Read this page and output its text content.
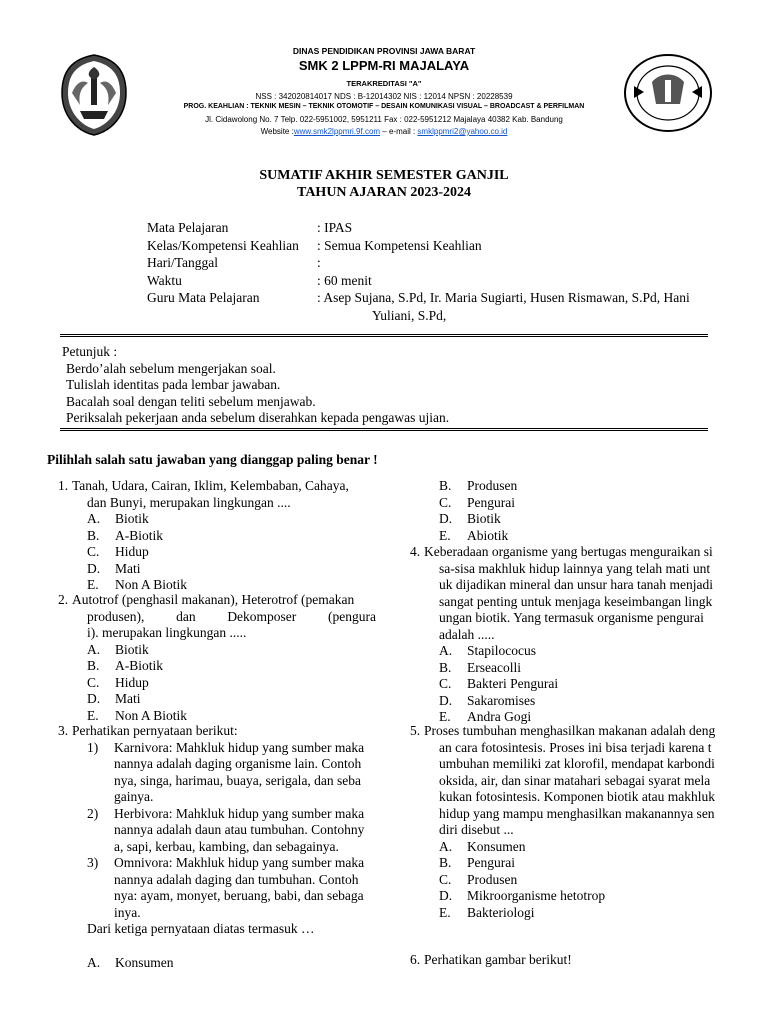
DINAS PENDIDIKAN PROVINSI JAWA BARAT
SMK 2 LPPM-RI MAJALAYA
TERAKREDITASI "A"
NSS : 342020814017 NDS : B-12014302 NIS : 12014 NPSN : 20228539
PROG. KEAHLIAN : TEKNIK MESIN – TEKNIK OTOMOTIF – DESAIN KOMUNIKASI VISUAL – BROADCAST & PERFILMAN
Jl. Cidawolong No. 7 Telp. 022-5951002, 5951211 Fax : 022-5951212 Majalaya 40382 Kab. Bandung
Website :www.smk2lppmri.9f.com – e-mail : smklppmri2@yahoo.co.id
SUMATIF AKHIR SEMESTER GANJIL
TAHUN AJARAN 2023-2024
Mata Pelajaran	: IPAS
Kelas/Kompetensi Keahlian	: Semua Kompetensi Keahlian
Hari/Tanggal	:
Waktu	: 60 menit
Guru Mata Pelajaran	: Asep Sujana, S.Pd, Ir. Maria Sugiarti, Husen Rismawan, S.Pd, Hani
Yuliani, S.Pd,
Petunjuk :
Berdo’alah sebelum mengerjakan soal.
Tulislah identitas pada lembar jawaban.
Bacalah soal dengan teliti sebelum menjawab.
Periksalah pekerjaan anda sebelum diserahkan kepada pengawas ujian.
Pilihlah salah satu jawaban yang dianggap paling benar !
1. Tanah, Udara, Cairan, Iklim, Kelembaban, Cahaya,
dan Bunyi, merupakan lingkungan ....
A.	Biotik
B.	A-Biotik
C.	Hidup
D.	Mati
E.	Non A Biotik
2. Autotrof (penghasil makanan), Heterotrof (pemakan
produsen), dan Dekomposer (pengura
i). merupakan lingkungan .....
A.	Biotik
B.	A-Biotik
C.	Hidup
D.	Mati
E.	Non A Biotik
3. Perhatikan pernyataan berikut:
1)	Karnivora: Mahkluk hidup yang sumber maka
nannya adalah daging organisme lain. Contoh
nya, singa, harimau, buaya, serigala, dan seba
gainya.
2)	Herbivora: Mahkluk hidup yang sumber maka
nannya adalah daun atau tumbuhan. Contohny
a, sapi, kerbau, kambing, dan sebagainya.
3)	Omnivora: Makhluk hidup yang sumber maka
nannya adalah daging dan tumbuhan. Contoh
nya: ayam, monyet, beruang, babi, dan sebaga
inya.
Dari ketiga pernyataan diatas termasuk …
A.	Konsumen
B.	Produsen
C.	Pengurai
D.	Biotik
E.	Abiotik
4. Keberadaan organisme yang bertugas menguraikan si
sa-sisa makhluk hidup lainnya yang telah mati unt
uk dijadikan mineral dan unsur hara tanah menjadi
sangat penting untuk menjaga keseimbangan lingk
ungan biotik. Yang termasuk organisme pengurai
adalah .....
A.	Stapilococus
B.	Erseacolli
C.	Bakteri Pengurai
D.	Sakaromises
E.	Andra Gogi
5. Proses tumbuhan menghasilkan makanan adalah deng
an cara fotosintesis. Proses ini bisa terjadi karena t
umbuhan memiliki zat klorofil, mendapat karbondi
oksida, air, dan sinar matahari sebagai syarat mela
kukan fotosintesis. Komponen biotik atau makhluk
hidup yang mampu menghasilkan makanannya sen
diri disebut ...
A.	Konsumen
B.	Pengurai
C.	Produsen
D.	Mikroorganisme hetotrop
E.	Bakteriologi
6. Perhatikan gambar berikut!
